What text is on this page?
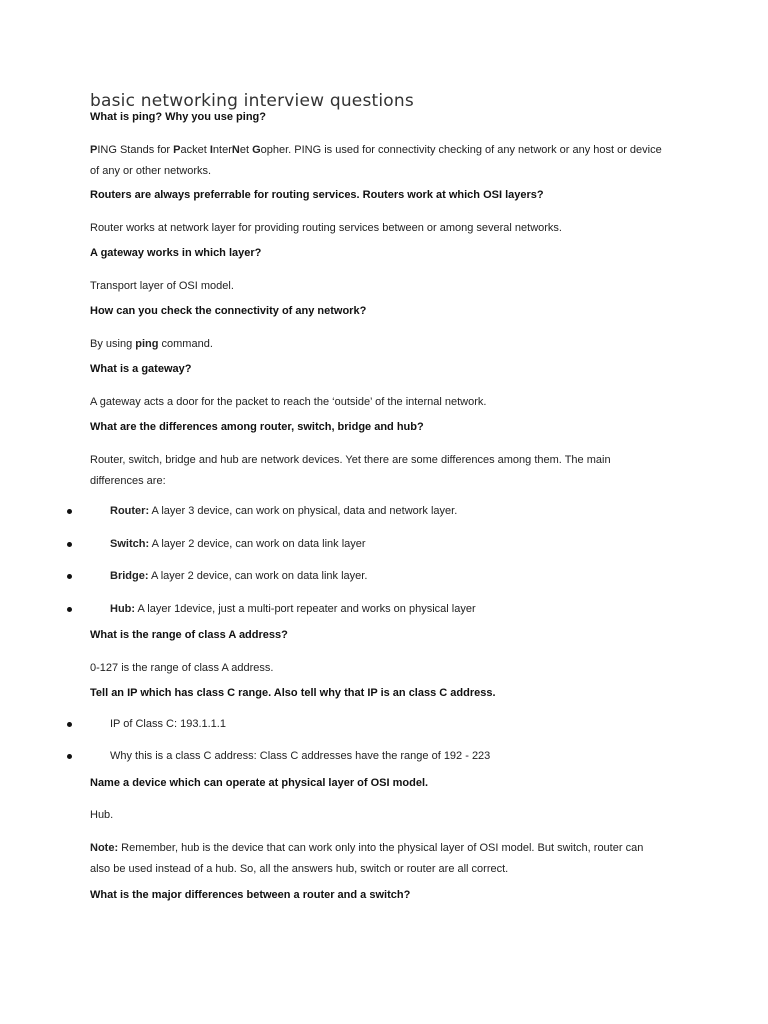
basic networking interview questions
What is ping? Why you use ping?
PING Stands for Packet InterNet Gopher. PING is used for connectivity checking of any network or any host or device
of any or other networks.
Routers are always preferrable for routing services. Routers work at which OSI layers?
Router works at network layer for providing routing services between or among several networks.
A gateway works in which layer?
Transport layer of OSI model.
How can you check the connectivity of any network?
By using ping command.
What is a gateway?
A gateway acts a door for the packet to reach the ‘outside’ of the internal network.
What are the differences among router, switch, bridge and hub?
Router, switch, bridge and hub are network devices. Yet there are some differences among them. The main
differences are:
Router: A layer 3 device, can work on physical, data and network layer.
Switch: A layer 2 device, can work on data link layer
Bridge: A layer 2 device, can work on data link layer.
Hub: A layer 1device, just a multi-port repeater and works on physical layer
What is the range of class A address?
0-127 is the range of class A address.
Tell an IP which has class C range. Also tell why that IP is an class C address.
IP of Class C: 193.1.1.1
Why this is a class C address: Class C addresses have the range of 192 - 223
Name a device which can operate at physical layer of OSI model.
Hub.
Note: Remember, hub is the device that can work only into the physical layer of OSI model. But switch, router can
also be used instead of a hub. So, all the answers hub, switch or router are all correct.
What is the major differences between a router and a switch?
